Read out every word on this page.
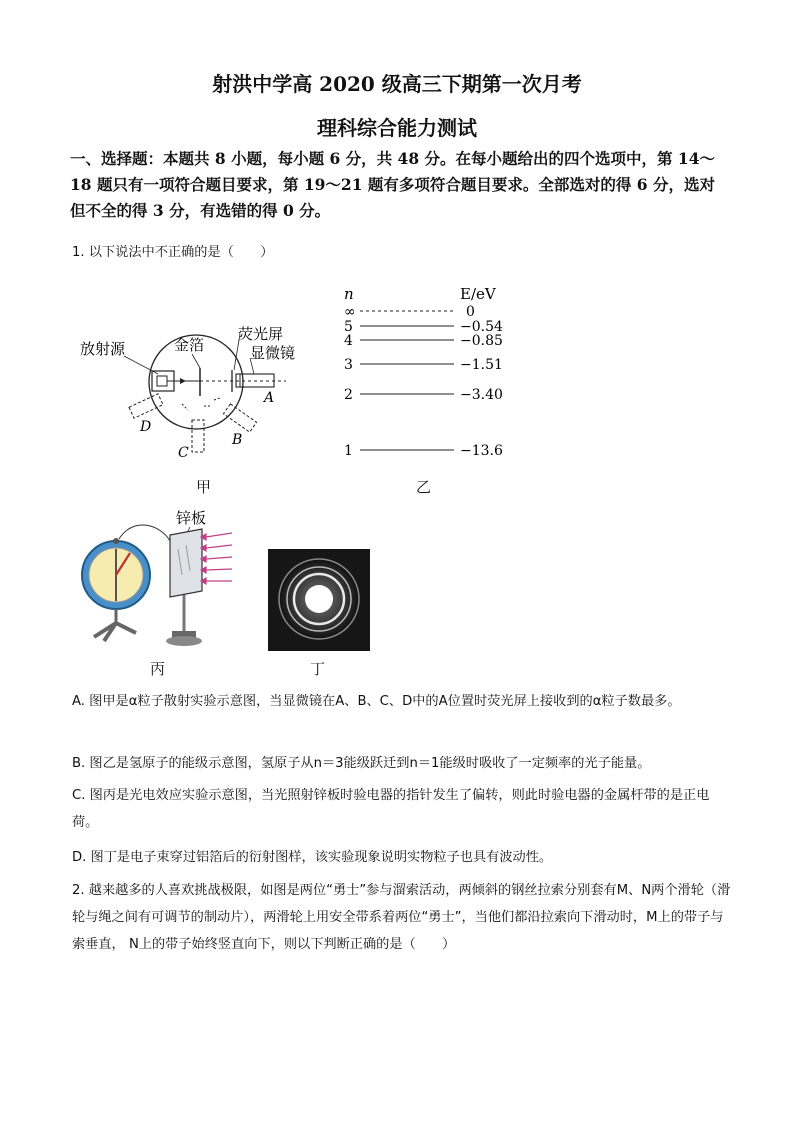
射洪中学高 2020 级高三下期第一次月考
理科综合能力测试
一、选择题：本题共 8 小题，每小题 6 分，共 48 分。在每小题给出的四个选项中，第 14～18 题只有一项符合题目要求，第 19～21 题有多项符合题目要求。全部选对的得 6 分，选对但不全的得 3 分，有选错的得 0 分。
1. 以下说法中不正确的是（　　）
放射源	金箔
荧光屏
显微镜
A
B
C
D
甲
n	E/eV
∞	0
5	−0.54
4	−0.85
3	−1.51
2	−3.40
1	−13.6
乙
锌板
丙	丁
A. 图甲是α粒子散射实验示意图，当显微镜在A、B、C、D中的A位置时荧光屏上接收到的α粒子数最多。
B. 图乙是氢原子的能级示意图，氢原子从n＝3能级跃迁到n＝1能级时吸收了一定频率的光子能量。
C. 图丙是光电效应实验示意图，当光照射锌板时验电器的指针发生了偏转，则此时验电器的金属杆带的是正电荷。
D. 图丁是电子束穿过铝箔后的衍射图样，该实验现象说明实物粒子也具有波动性。
2. 越来越多的人喜欢挑战极限，如图是两位“勇士”参与溜索活动，两倾斜的钢丝拉索分别套有M、N两个滑轮（滑轮与绳之间有可调节的制动片），两滑轮上用安全带系着两位“勇士”，当他们都沿拉索向下滑动时，M上的带子与索垂直， N上的带子始终竖直向下，则以下判断正确的是（　　）
